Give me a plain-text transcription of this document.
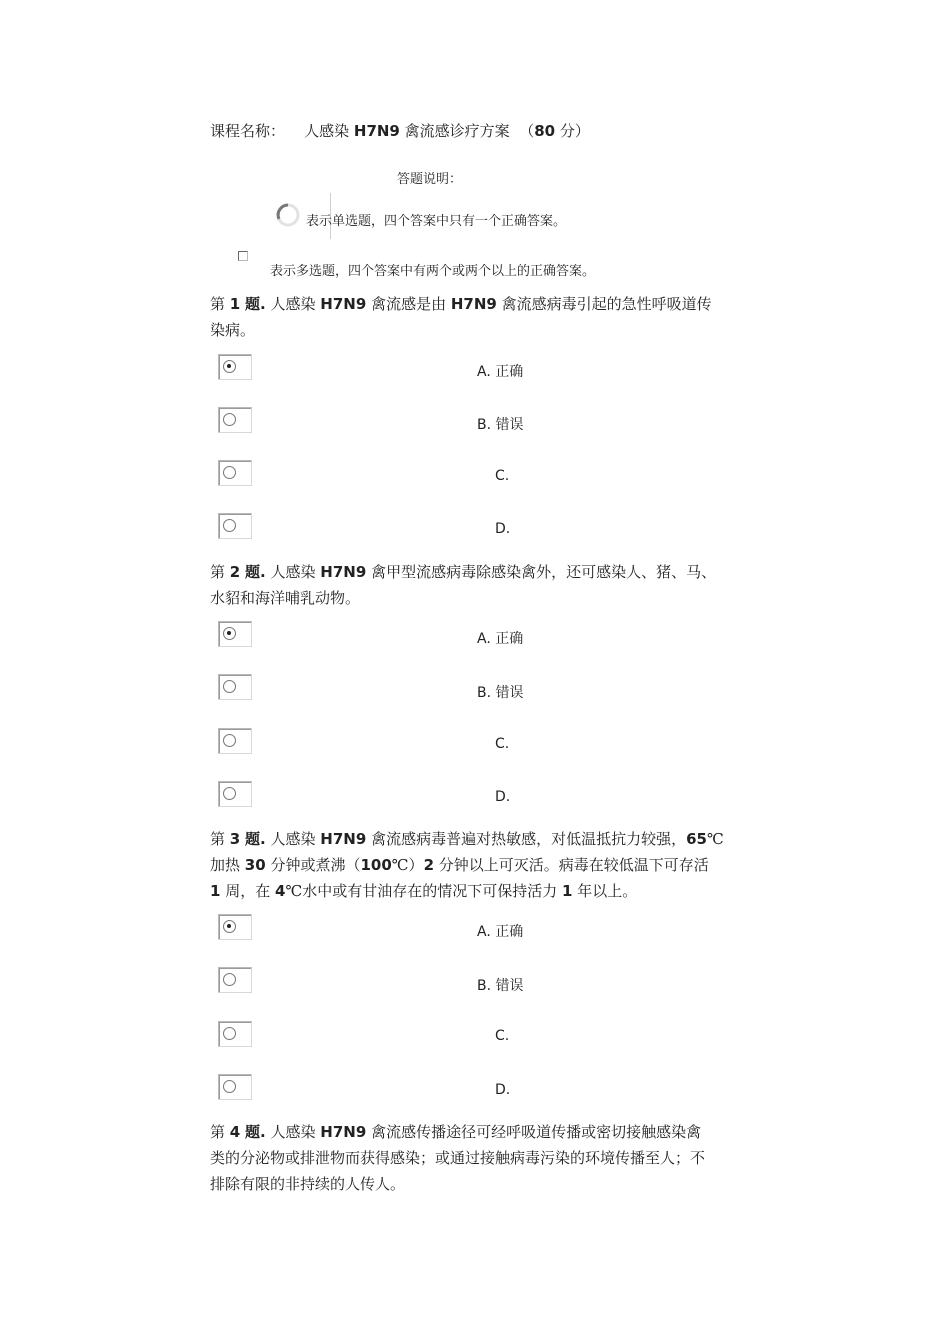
课程名称： 人感染 H7N9 禽流感诊疗方案 （80 分）
答题说明：
表示单选题，四个答案中只有一个正确答案。
表示多选题，四个答案中有两个或两个以上的正确答案。
第 1 题. 人感染 H7N9 禽流感是由 H7N9 禽流感病毒引起的急性呼吸道传
染病。
A. 正确
B. 错误
C.
D.
第 2 题. 人感染 H7N9 禽甲型流感病毒除感染禽外，还可感染人、猪、马、
水貂和海洋哺乳动物。
A. 正确
B. 错误
C.
D.
第 3 题. 人感染 H7N9 禽流感病毒普遍对热敏感，对低温抵抗力较强，65℃
加热 30 分钟或煮沸（100℃）2 分钟以上可灭活。病毒在较低温下可存活
1 周，在 4℃水中或有甘油存在的情况下可保持活力 1 年以上。
A. 正确
B. 错误
C.
D.
第 4 题. 人感染 H7N9 禽流感传播途径可经呼吸道传播或密切接触感染禽
类的分泌物或排泄物而获得感染；或通过接触病毒污染的环境传播至人；不
排除有限的非持续的人传人。
